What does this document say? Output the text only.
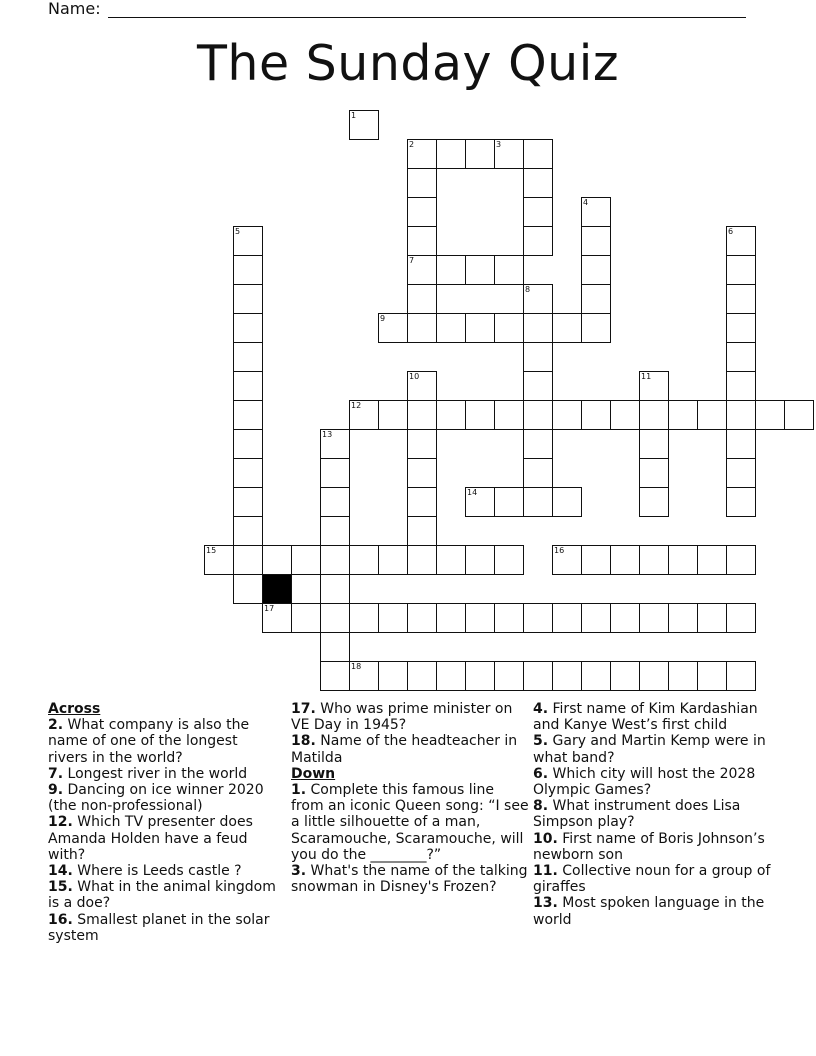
Name:
The Sunday Quiz
1
2	3
4
5	6
7
8
9
10	11
12
13
14
15	16
17
18
Across
2. What company is also the name of one of the longest rivers in the world?
7. Longest river in the world
9. Dancing on ice winner 2020 (the non-professional)
12. Which TV presenter does Amanda Holden have a feud with?
14. Where is Leeds castle ?
15. What in the animal kingdom is a doe?
16. Smallest planet in the solar system
17. Who was prime minister on VE Day in 1945?
18. Name of the headteacher in Matilda
Down
1. Complete this famous line from an iconic Queen song: “I see a little silhouette of a man, Scaramouche, Scaramouche, will you do the ________?”
3. What's the name of the talking snowman in Disney's Frozen?
4. First name of Kim Kardashian and Kanye West’s first child
5. Gary and Martin Kemp were in what band?
6. Which city will host the 2028 Olympic Games?
8. What instrument does Lisa Simpson play?
10. First name of Boris Johnson’s newborn son
11. Collective noun for a group of giraffes
13. Most spoken language in the world
